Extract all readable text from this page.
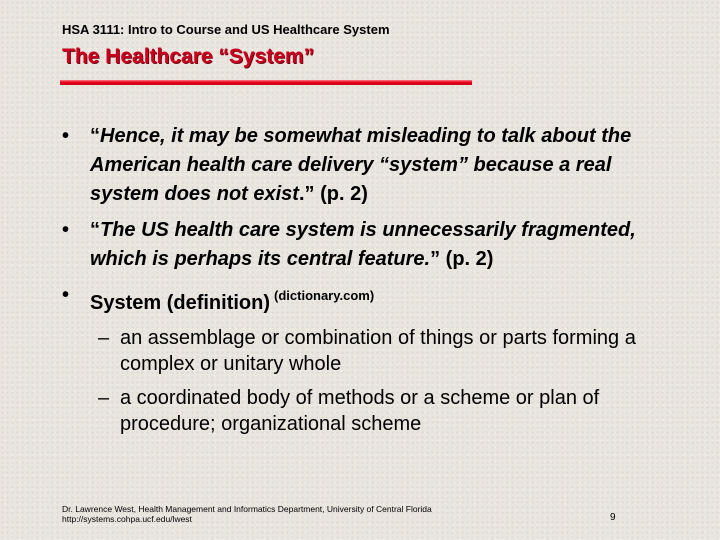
HSA 3111: Intro to Course and US Healthcare System
The Healthcare “System”
• “Hence, it may be somewhat misleading to talk about the American health care delivery “system” because a real system does not exist.” (p. 2)
• “The US health care system is unnecessarily fragmented, which is perhaps its central feature.” (p. 2)
• System (definition) $^{(dictionary.com)}$
– an assemblage or combination of things or parts forming a complex or unitary whole
– a coordinated body of methods or a scheme or plan of procedure; organizational scheme
Dr. Lawrence West, Health Management and Informatics Department, University of Central Florida
http://systems.cohpa.ucf.edu/lwest	9
